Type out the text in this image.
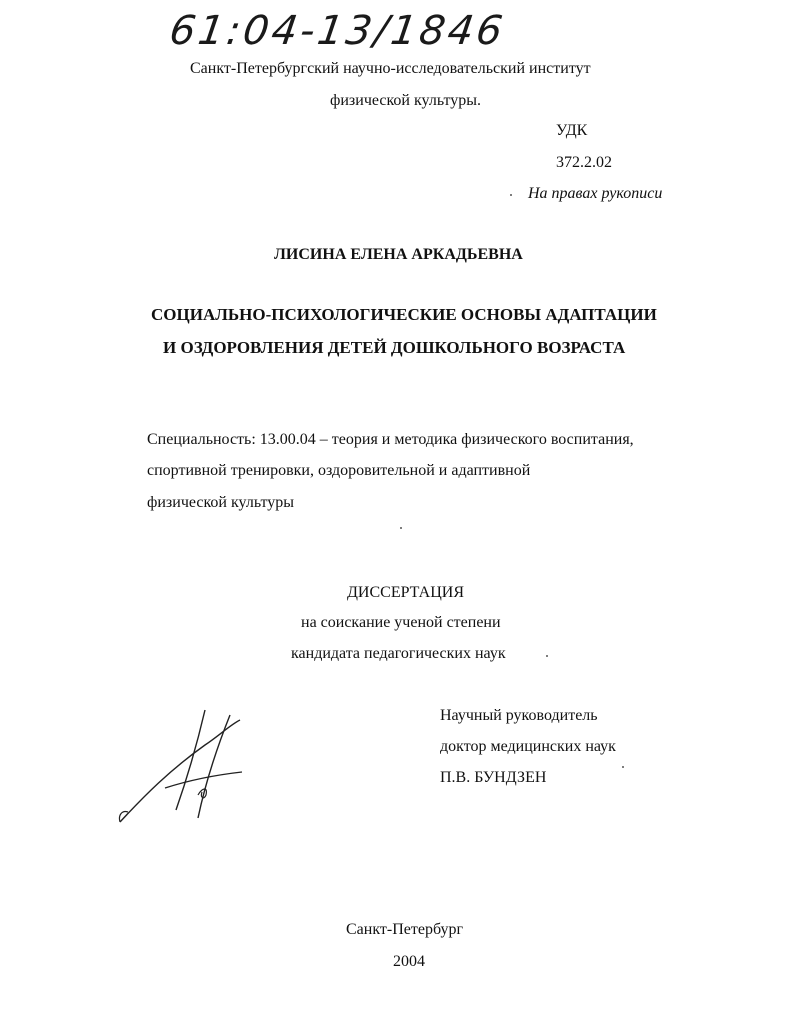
61:04-13/1846
Санкт-Петербургский научно-исследовательский институт
физической культуры.
УДК
372.2.02
На правах рукописи
ЛИСИНА ЕЛЕНА АРКАДЬЕВНА
СОЦИАЛЬНО-ПСИХОЛОГИЧЕСКИЕ ОСНОВЫ АДАПТАЦИИ
И ОЗДОРОВЛЕНИЯ ДЕТЕЙ ДОШКОЛЬНОГО ВОЗРАСТА
Специальность: 13.00.04 – теория и методика физического воспитания,
спортивной тренировки, оздоровительной и адаптивной
физической культуры
ДИССЕРТАЦИЯ
на соискание ученой степени
кандидата педагогических наук
Научный руководитель
доктор медицинских наук
П.В. БУНДЗЕН
Санкт-Петербург
2004
